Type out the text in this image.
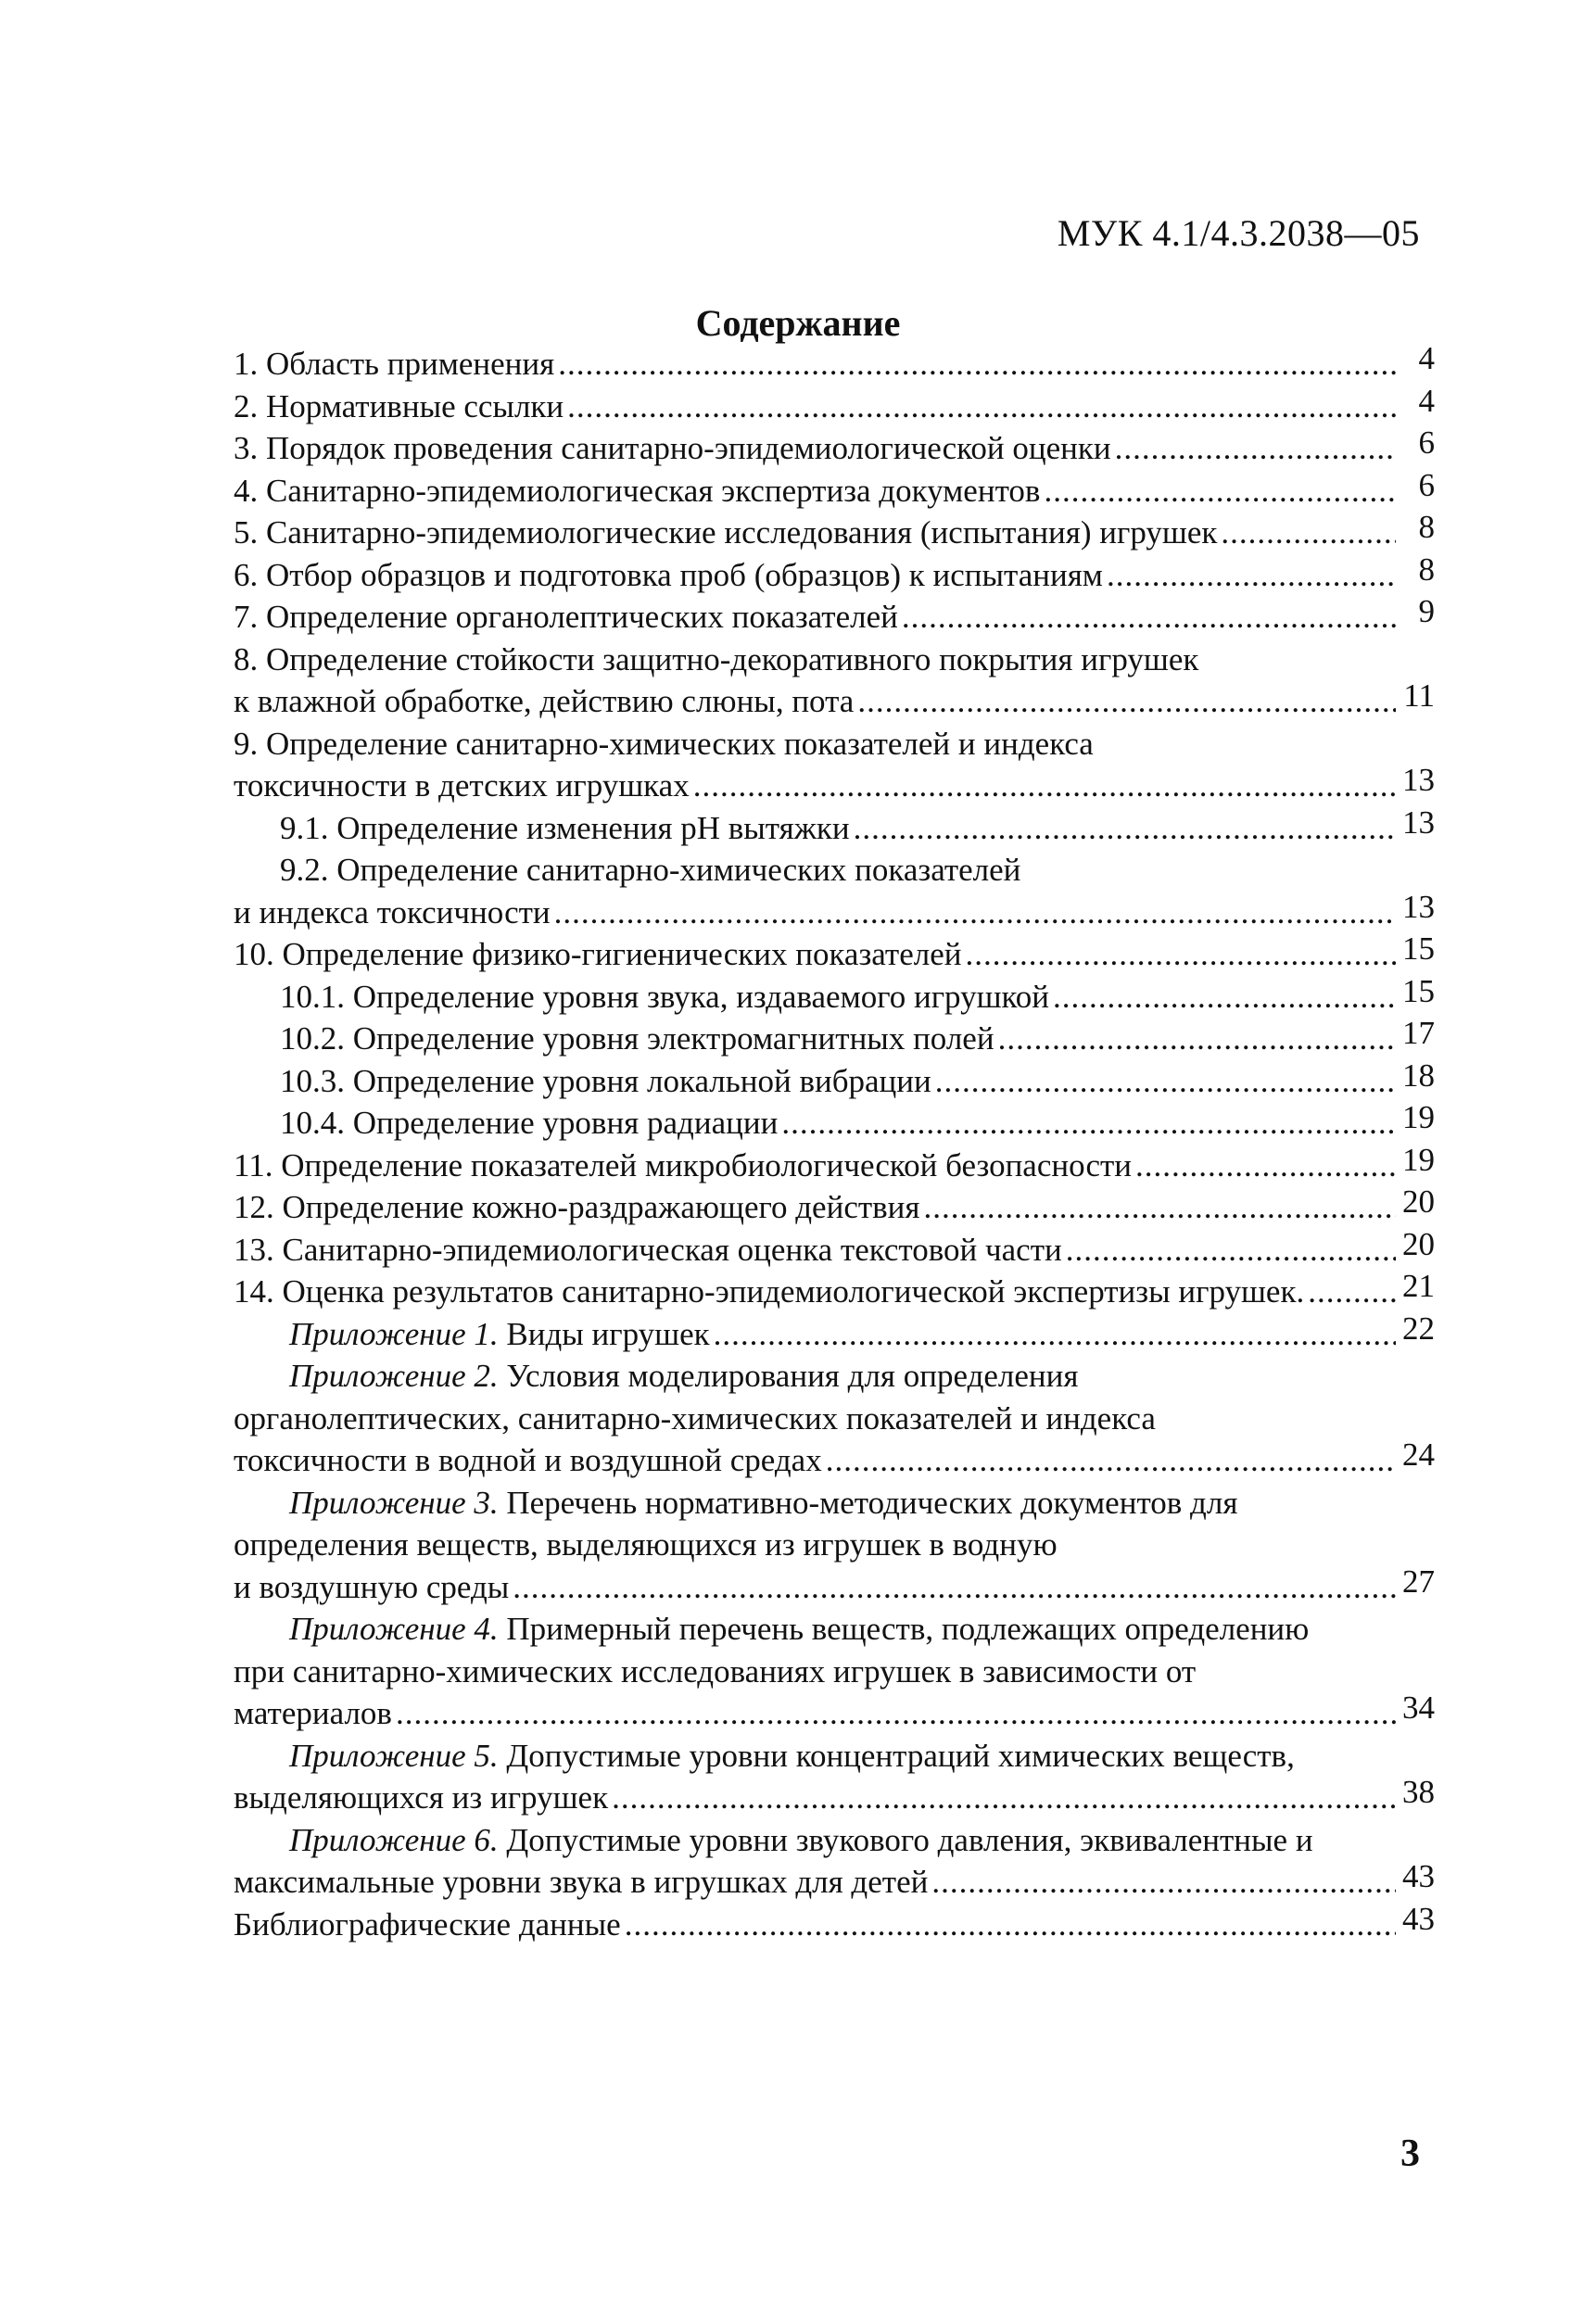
МУК 4.1/4.3.2038—05
Содержание
1. Область применения .....	4
2. Нормативные ссылки .....	4
3. Порядок проведения санитарно-эпидемиологической оценки .....	6
4. Санитарно-эпидемиологическая экспертиза документов .....	6
5. Санитарно-эпидемиологические исследования (испытания) игрушек .....	8
6. Отбор образцов и подготовка проб (образцов) к испытаниям .....	8
7. Определение органолептических показателей .....	9
8. Определение стойкости защитно-декоративного покрытия игрушек
к влажной обработке, действию слюны, пота .....	11
9. Определение санитарно-химических показателей и индекса
токсичности в детских игрушках .....	13
9.1. Определение изменения pH вытяжки .....	13
9.2. Определение санитарно-химических показателей
и индекса токсичности .....	13
10. Определение физико-гигиенических показателей .....	15
10.1. Определение уровня звука, издаваемого игрушкой .....	15
10.2. Определение уровня электромагнитных полей .....	17
10.3. Определение уровня локальной вибрации .....	18
10.4. Определение уровня радиации .....	19
11. Определение показателей микробиологической безопасности .....	19
12. Определение кожно-раздражающего действия .....	20
13. Санитарно-эпидемиологическая оценка текстовой части .....	20
14. Оценка результатов санитарно-эпидемиологической экспертизы игрушек. .....	21
Приложение 1. Виды игрушек .....	22
Приложение 2. Условия моделирования для определения
органолептических, санитарно-химических показателей и индекса
токсичности в водной и воздушной средах .....	24
Приложение 3. Перечень нормативно-методических документов для
определения веществ, выделяющихся из игрушек в водную
и воздушную среды .....	27
Приложение 4. Примерный перечень веществ, подлежащих определению
при санитарно-химических исследованиях игрушек в зависимости от
материалов .....	34
Приложение 5. Допустимые уровни концентраций химических веществ,
выделяющихся из игрушек .....	38
Приложение 6. Допустимые уровни звукового давления, эквивалентные и
максимальные уровни звука в игрушках для детей .....	43
Библиографические данные .....	43
3
